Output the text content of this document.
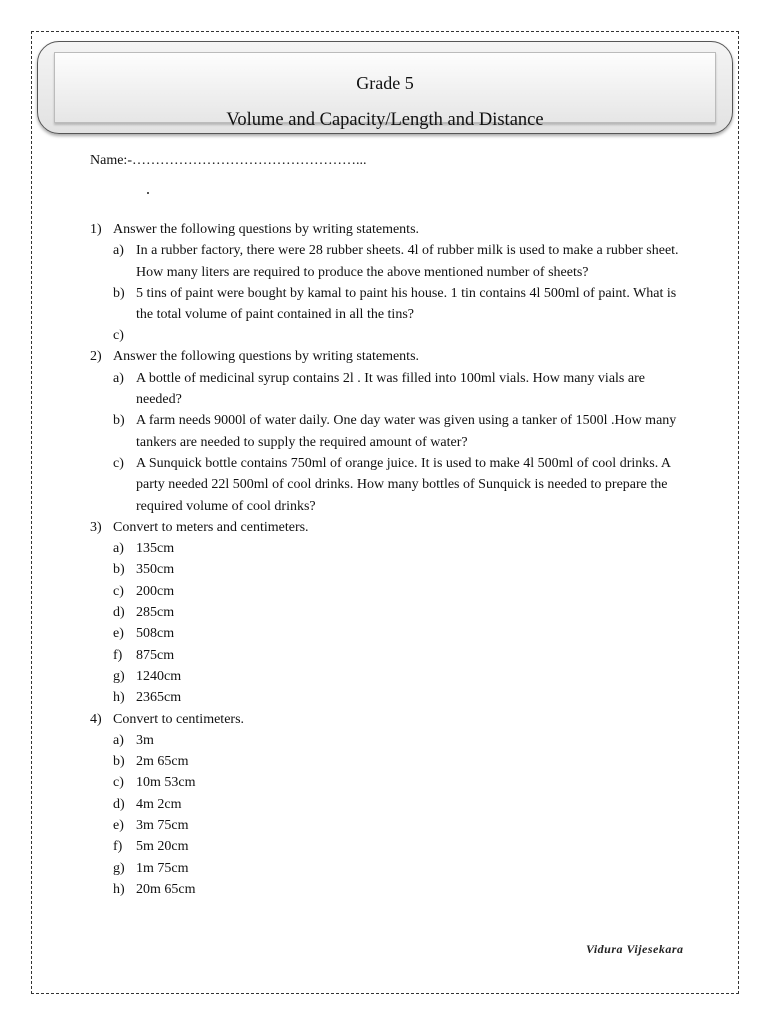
Grade 5
Volume and Capacity/Length and Distance
Name:-…………………………………………...
1) Answer the following questions by writing statements.
a) In a rubber factory, there were 28 rubber sheets. 4l of rubber milk is used to make a rubber sheet. How many liters are required to produce the above mentioned number of sheets?
b) 5 tins of paint were bought by kamal to paint his house. 1 tin contains 4l 500ml of paint. What is the total volume of paint contained in all the tins?
c)
2) Answer the following questions by writing statements.
a) A bottle of medicinal syrup contains 2l . It was filled into 100ml vials. How many vials are needed?
b) A farm needs 9000l of water daily. One day water was given using a tanker of 1500l .How many tankers are needed to supply the required amount of water?
c) A Sunquick bottle contains 750ml of orange juice. It is used to make 4l 500ml of cool drinks. A party needed 22l 500ml of cool drinks. How many bottles of Sunquick is needed to prepare the required volume of cool drinks?
3) Convert to meters and centimeters.
a) 135cm
b) 350cm
c) 200cm
d) 285cm
e) 508cm
f) 875cm
g) 1240cm
h) 2365cm
4) Convert to centimeters.
a) 3m
b) 2m 65cm
c) 10m 53cm
d) 4m 2cm
e) 3m 75cm
f) 5m 20cm
g) 1m 75cm
h) 20m 65cm
Vidura Vijesekara
